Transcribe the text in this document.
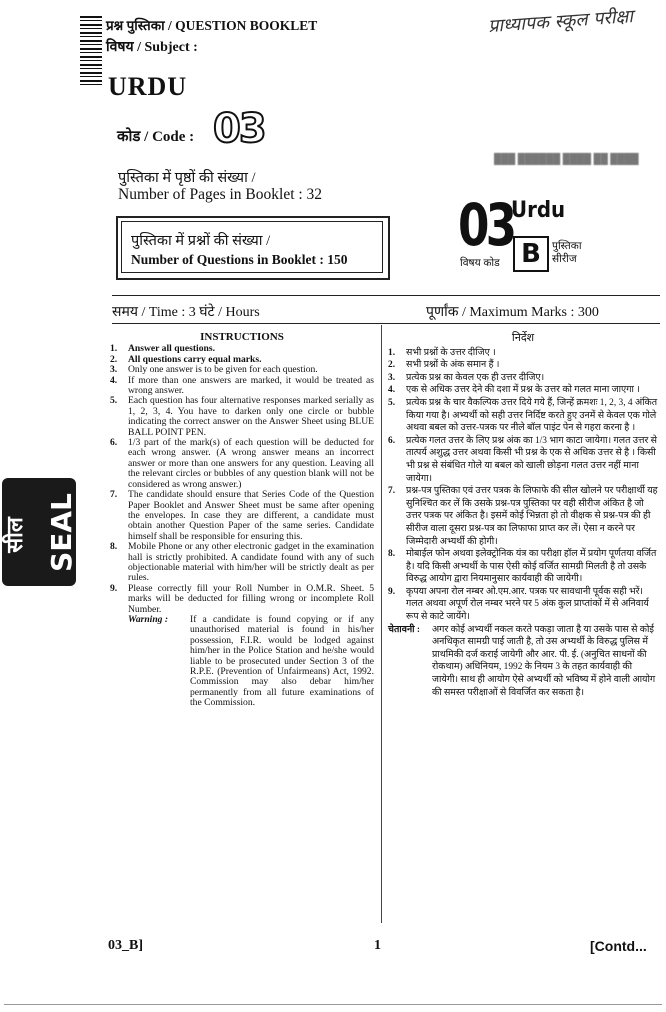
प्रश्न पुस्तिका / QUESTION BOOKLET
विषय / Subject :
URDU
प्राध्यापक स्कूल परीक्षा
कोड / Code : 03
███ ██████ ████ ██ ████
पुस्तिका में पृष्ठों की संख्या /
Number of Pages in Booklet : 32
पुस्तिका में प्रश्नों की संख्या /
Number of Questions in Booklet : 150
03
Urdu
B	पुस्तिका सीरीज
विषय कोड
समय / Time : 3 घंटे / Hours	पूर्णांक / Maximum Marks : 300
SEAL
सील
INSTRUCTIONS
1. Answer all questions.
2. All questions carry equal marks.
3. Only one answer is to be given for each question.
4. If more than one answers are marked, it would be treated as wrong answer.
5. Each question has four alternative responses marked serially as 1, 2, 3, 4. You have to darken only one circle or bubble indicating the correct answer on the Answer Sheet using BLUE BALL POINT PEN.
6. 1/3 part of the mark(s) of each question will be deducted for each wrong answer. (A wrong answer means an incorrect answer or more than one answers for any question. Leaving all the relevant circles or bubbles of any question blank will not be considered as wrong answer.)
7. The candidate should ensure that Series Code of the Question Paper Booklet and Answer Sheet must be same after opening the envelopes. In case they are different, a candidate must obtain another Question Paper of the same series. Candidate himself shall be responsible for ensuring this.
8. Mobile Phone or any other electronic gadget in the examination hall is strictly prohibited. A candidate found with any of such objectionable material with him/her will be strictly dealt as per rules.
9. Please correctly fill your Roll Number in O.M.R. Sheet. 5 marks will be deducted for filling wrong or incomplete Roll Number.
Warning : If a candidate is found copying or if any unauthorised material is found in his/her possession, F.I.R. would be lodged against him/her in the Police Station and he/she would liable to be prosecuted under Section 3 of the R.P.E. (Prevention of Unfairmeans) Act, 1992. Commission may also debar him/her permanently from all future examinations of the Commission.
निर्देश
1. सभी प्रश्नों के उत्तर दीजिए ।
2. सभी प्रश्नों के अंक समान हैं ।
3. प्रत्येक प्रश्न का केवल एक ही उत्तर दीजिए।
4. एक से अधिक उत्तर देने की दशा में प्रश्न के उत्तर को गलत माना जाएगा ।
5. प्रत्येक प्रश्न के चार वैकल्पिक उत्तर दिये गये हैं, जिन्हें क्रमशः 1, 2, 3, 4 अंकित किया गया है। अभ्यर्थी को सही उत्तर निर्दिष्ट करते हुए उनमें से केवल एक गोले अथवा बबल को उत्तर-पत्रक पर नीले बॉल पाइंट पेन से गहरा करना है ।
6. प्रत्येक गलत उत्तर के लिए प्रश्न अंक का 1/3 भाग काटा जायेगा। गलत उत्तर से तात्पर्य अशुद्ध उत्तर अथवा किसी भी प्रश्न के एक से अधिक उत्तर से है । किसी भी प्रश्न से संबंधित गोले या बबल को खाली छोड़ना गलत उत्तर नहीं माना जायेगा।
7. प्रश्न-पत्र पुस्तिका एवं उत्तर पत्रक के लिफाफे की सील खोलने पर परीक्षार्थी यह सुनिश्चित कर लें कि उसके प्रश्न-पत्र पुस्तिका पर वही सीरीज अंकित है जो उत्तर पत्रक पर अंकित है। इसमें कोई भिन्नता हो तो वीक्षक से प्रश्न-पत्र की ही सीरीज वाला दूसरा प्रश्न-पत्र का लिफाफा प्राप्त कर लें। ऐसा न करने पर जिम्मेदारी अभ्यर्थी की होगी।
8. मोबाईल फोन अथवा इलेक्ट्रोनिक यंत्र का परीक्षा हॉल में प्रयोग पूर्णतया वर्जित है। यदि किसी अभ्यर्थी के पास ऐसी कोई वर्जित सामग्री मिलती है तो उसके विरुद्ध आयोग द्वारा नियमानुसार कार्यवाही की जायेगी।
9. कृपया अपना रोल नम्बर ओ.एम.आर. पत्रक पर सावधानी पूर्वक सही भरें। गलत अथवा अपूर्ण रोल नम्बर भरने पर 5 अंक कुल प्राप्तांकों में से अनिवार्य रूप से काटे जायेंगे।
चेतावनी : अगर कोई अभ्यर्थी नकल करते पकड़ा जाता है या उसके पास से कोई अनधिकृत सामग्री पाई जाती है, तो उस अभ्यर्थी के विरुद्ध पुलिस में प्राथमिकी दर्ज कराई जायेगी और आर. पी. ई. (अनुचित साधनों की रोकथाम) अधिनियम, 1992 के नियम 3 के तहत कार्यवाही की जायेगी। साथ ही आयोग ऐसे अभ्यर्थी को भविष्य में होने वाली आयोग की समस्त परीक्षाओं से विवर्जित कर सकता है।
03_B]	1	[Contd...
